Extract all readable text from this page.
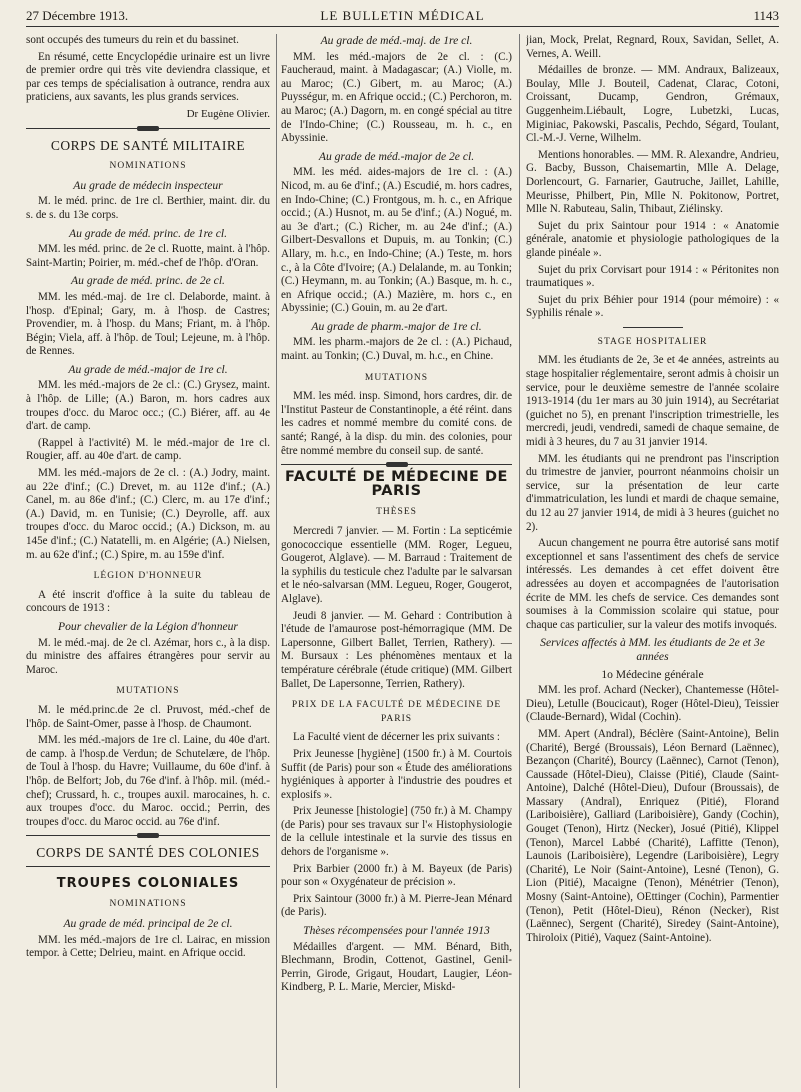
27 Décembre 1913.	LE BULLETIN MÉDICAL	1143

sont occupés des tumeurs du rein et du bassinet.

En résumé, cette Encyclopédie urinaire est un livre de premier ordre qui très vite deviendra classique, et par ces temps de spécialisation à outrance, rendra aux praticiens, aux savants, les plus grands services.

Dr Eugène Olivier.
CORPS DE SANTÉ MILITAIRE
NOMINATIONS
Au grade de médecin inspecteur

M. le méd. princ. de 1re cl. Berthier, maint. dir. du s. de s. du 13e corps.

Au grade de méd. princ. de 1re cl.

MM. les méd. princ. de 2e cl. Ruotte, maint. à l'hôp. Saint-Martin; Poirier, m. méd.-chef de l'hôp. d'Oran.

Au grade de méd. princ. de 2e cl.

MM. les méd.-maj. de 1re cl. Delaborde, maint. à l'hosp. d'Epinal; Gary, m. à l'hosp. de Castres; Provendier, m. à l'hosp. du Mans; Friant, m. à l'hôp. Bégin; Viela, aff. à l'hôp. de Toul; Lejeune, m. à l'hôp. de Rennes.

Au grade de méd.-major de 1re cl.

MM. les méd.-majors de 2e cl.: (C.) Grysez, maint. à l'hôp. de Lille; (A.) Baron, m. hors cadres aux troupes d'occ. du Maroc occ.; (C.) Biérer, aff. au 4e d'art. de camp.

(Rappel à l'activité) M. le méd.-major de 1re cl. Rougier, aff. au 40e d'art. de camp.

MM. les méd.-majors de 2e cl. : (A.) Jodry, maint. au 22e d'inf.; (C.) Drevet, m. au 112e d'inf.; (A.) Canel, m. au 86e d'inf.; (C.) Clerc, m. au 17e d'inf.; (A.) David, m. en Tunisie; (C.) Deyrolle, aff. aux troupes d'occ. du Maroc occid.; (A.) Dickson, m. au 145e d'inf.; (C.) Natatelli, m. en Algérie; (A.) Nielsen, m. au 62e d'inf.; (C.) Spire, m. au 159e d'inf.

LÉGION D'HONNEUR

A été inscrit d'office à la suite du tableau de concours de 1913 :

Pour chevalier de la Légion d'honneur

M. le méd.-maj. de 2e cl. Azémar, hors c., à la disp. du ministre des affaires étrangères pour servir au Maroc.

MUTATIONS

M. le méd.princ.de 2e cl. Pruvost, méd.-chef de l'hôp. de Saint-Omer, passe à l'hosp. de Chaumont.

MM. les méd.-majors de 1re cl. Laine, du 40e d'art. de camp. à l'hosp.de Verdun; de Schutelære, de l'hôp. de Toul à l'hosp. du Havre; Vuillaume, du 60e d'inf. à l'hôp. de Belfort; Job, du 76e d'inf. à l'hôp. mil. (méd.-chef); Crussard, h. c., troupes auxil. marocaines, h. c. aux troupes d'occ. du Maroc. occid.; Perrin, des troupes d'occ. du Maroc occid. au 76e d'inf.

CORPS DE SANTÉ DES COLONIES
TROUPES COLONIALES
NOMINATIONS
Au grade de méd. principal de 2e cl.

MM. les méd.-majors de 1re cl. Lairac, en mission tempor. à Cette; Delrieu, maint. en Afrique occid.

Au grade de méd.-maj. de 1re cl.

MM. les méd.-majors de 2e cl. : (C.) Faucheraud, maint. à Madagascar; (A.) Violle, m. au Maroc; (C.) Gibert, m. au Maroc; (A.) Puysségur, m. en Afrique occid.; (C.) Perchoron, m. au Maroc; (A.) Dagorn, m. en congé spécial au titre de l'Indo-Chine; (C.) Rousseau, m. h. c., en Abyssinie.

Au grade de méd.-major de 2e cl.

MM. les méd. aides-majors de 1re cl. : (A.) Nicod, m. au 6e d'inf.; (A.) Escudié, m. hors cadres, en Indo-Chine; (C.) Frontgous, m. h. c., en Afrique occid.; (A.) Husnot, m. au 5e d'inf.; (A.) Nogué, m. au 3e d'art.; (C.) Richer, m. au 24e d'inf.; (A.) Gilbert-Desvallons et Dupuis, m. au Tonkin; (C.) Allary, m. h.c., en Indo-Chine; (A.) Teste, m. hors c., à la Côte d'Ivoire; (A.) Delalande, m. au Tonkin; (C.) Heymann, m. au Tonkin; (A.) Basque, m. h. c., en Afrique occid.; (A.) Mazière, m. hors c., en Abyssinie; (C.) Gouin, m. au 2e d'art.

Au grade de pharm.-major de 1re cl.

MM. les pharm.-majors de 2e cl. : (A.) Pichaud, maint. au Tonkin; (C.) Duval, m. h.c., en Chine.

MUTATIONS

MM. les méd. insp. Simond, hors cardres, dir. de l'Institut Pasteur de Constantinople, a été réint. dans les cadres et nommé membre du comité cons. de santé; Rangé, à la disp. du min. des colonies, pour être nommé membre du conseil sup. de santé.

FACULTÉ DE MÉDECINE DE PARIS
THÈSES

Mercredi 7 janvier. — M. Fortin : La septicémie gonococcique essentielle (MM. Roger, Legueu, Gougerot, Alglave). — M. Barraud : Traitement de la syphilis du testicule chez l'adulte par le salvarsan et le néo-salvarsan (MM. Legueu, Roger, Gougerot, Alglave).

Jeudi 8 janvier. — M. Gehard : Contribution à l'étude de l'amaurose post-hémorragique (MM. De Lapersonne, Gilbert Ballet, Terrien, Rathery). — M. Bursaux : Les phénomènes mentaux et la température cérébrale (étude critique) (MM. Gilbert Ballet, De Lapersonne, Terrien, Rathery).

PRIX DE LA FACULTÉ DE MÉDECINE DE PARIS

La Faculté vient de décerner les prix suivants :

Prix Jeunesse [hygiène] (1500 fr.) à M. Courtois Suffit (de Paris) pour son « Étude des améliorations hygiéniques à apporter à l'industrie des poudres et explosifs ».

Prix Jeunesse [histologie] (750 fr.) à M. Champy (de Paris) pour ses travaux sur l'« Histophysiologie de la cellule intestinale et la survie des tissus en dehors de l'organisme ».

Prix Barbier (2000 fr.) à M. Bayeux (de Paris) pour son « Oxygénateur de précision ».

Prix Saintour (3000 fr.) à M. Pierre-Jean Ménard (de Paris).

Thèses récompensées pour l'année 1913

Médailles d'argent. — MM. Bénard, Bith, Blechmann, Brodin, Cottenot, Gastinel, Genil-Perrin, Girode, Grigaut, Houdart, Laugier, Léon-Kindberg, P. L. Marie, Mercier, Miskd-

jian, Mock, Prelat, Regnard, Roux, Savidan, Sellet, A. Vernes, A. Weill.

Médailles de bronze. — MM. Andraux, Balizeaux, Boulay, Mlle J. Bouteil, Cadenat, Clarac, Cotoni, Croissant, Ducamp, Gendron, Grémaux, Guggenheim.Liébault, Logre, Lubetzki, Lucas, Miginiac, Pakowski, Pascalis, Pechdo, Ségard, Toulant, Cl.-M.-J. Verne, Wilhelm.

Mentions honorables. — MM. R. Alexandre, Andrieu, G. Bacby, Busson, Chaisemartin, Mlle A. Delage, Dorlencourt, G. Farnarier, Gautruche, Jaillet, Lahille, Meurisse, Philbert, Pin, Mlle N. Pokitonow, Portret, Mlle N. Rabuteau, Salin, Thibaut, Ziélinsky.

Sujet du prix Saintour pour 1914 : « Anatomie générale, anatomie et physiologie pathologiques de la glande pinéale ».

Sujet du prix Corvisart pour 1914 : « Péritonites non traumatiques ».

Sujet du prix Béhier pour 1914 (pour mémoire) : « Syphilis rénale ».

STAGE HOSPITALIER

MM. les étudiants de 2e, 3e et 4e années, astreints au stage hospitalier réglementaire, seront admis à choisir un service, pour le deuxième semestre de l'année scolaire 1913-1914 (du 1er mars au 30 juin 1914), au Secrétariat (guichet no 5), en prenant l'inscription trimestrielle, les mercredi, jeudi, vendredi, samedi de chaque semaine, de midi à 3 heures, du 7 au 31 janvier 1914.

MM. les étudiants qui ne prendront pas l'inscription du trimestre de janvier, pourront néanmoins choisir un service, sur la présentation de leur carte d'immatriculation, les lundi et mardi de chaque semaine, du 12 au 27 janvier 1914, de midi à 3 heures (guichet no 2).

Aucun changement ne pourra être autorisé sans motif exceptionnel et sans l'assentiment des chefs de service intéressés. Les demandes à cet effet doivent être adressées au doyen et accompagnées de l'autorisation écrite de MM. les chefs de service. Ces demandes sont soumises à la Commission scolaire qui statue, pour chaque cas particulier, sur la valeur des motifs invoqués.

Services affectés à MM. les étudiants de 2e et 3e années
1o Médecine générale

MM. les prof. Achard (Necker), Chantemesse (Hôtel-Dieu), Letulle (Boucicaut), Roger (Hôtel-Dieu), Teissier (Claude-Bernard), Widal (Cochin).

MM. Apert (Andral), Béclère (Saint-Antoine), Belin (Charité), Bergé (Broussais), Léon Bernard (Laënnec), Bezançon (Charité), Bourcy (Laënnec), Carnot (Tenon), Caussade (Hôtel-Dieu), Claisse (Pitié), Claude (Saint-Antoine), Dalché (Hôtel-Dieu), Dufour (Broussais), de Massary (Andral), Enriquez (Pitié), Florand (Lariboisière), Galliard (Lariboisière), Gandy (Cochin), Gouget (Tenon), Hirtz (Necker), Josué (Pitié), Klippel (Tenon), Marcel Labbé (Charité), Laffitte (Tenon), Launois (Lariboisière), Legendre (Lariboisière), Legry (Charité), Le Noir (Saint-Antoine), Lesné (Tenon), G. Lion (Pitié), Macaigne (Tenon), Ménétrier (Tenon), Mosny (Saint-Antoine), OEttinger (Cochin), Parmentier (Tenon), Petit (Hôtel-Dieu), Rénon (Necker), Rist (Laënnec), Sergent (Charité), Siredey (Saint-Antoine), Thiroloix (Pitié), Vaquez (Saint-Antoine).
